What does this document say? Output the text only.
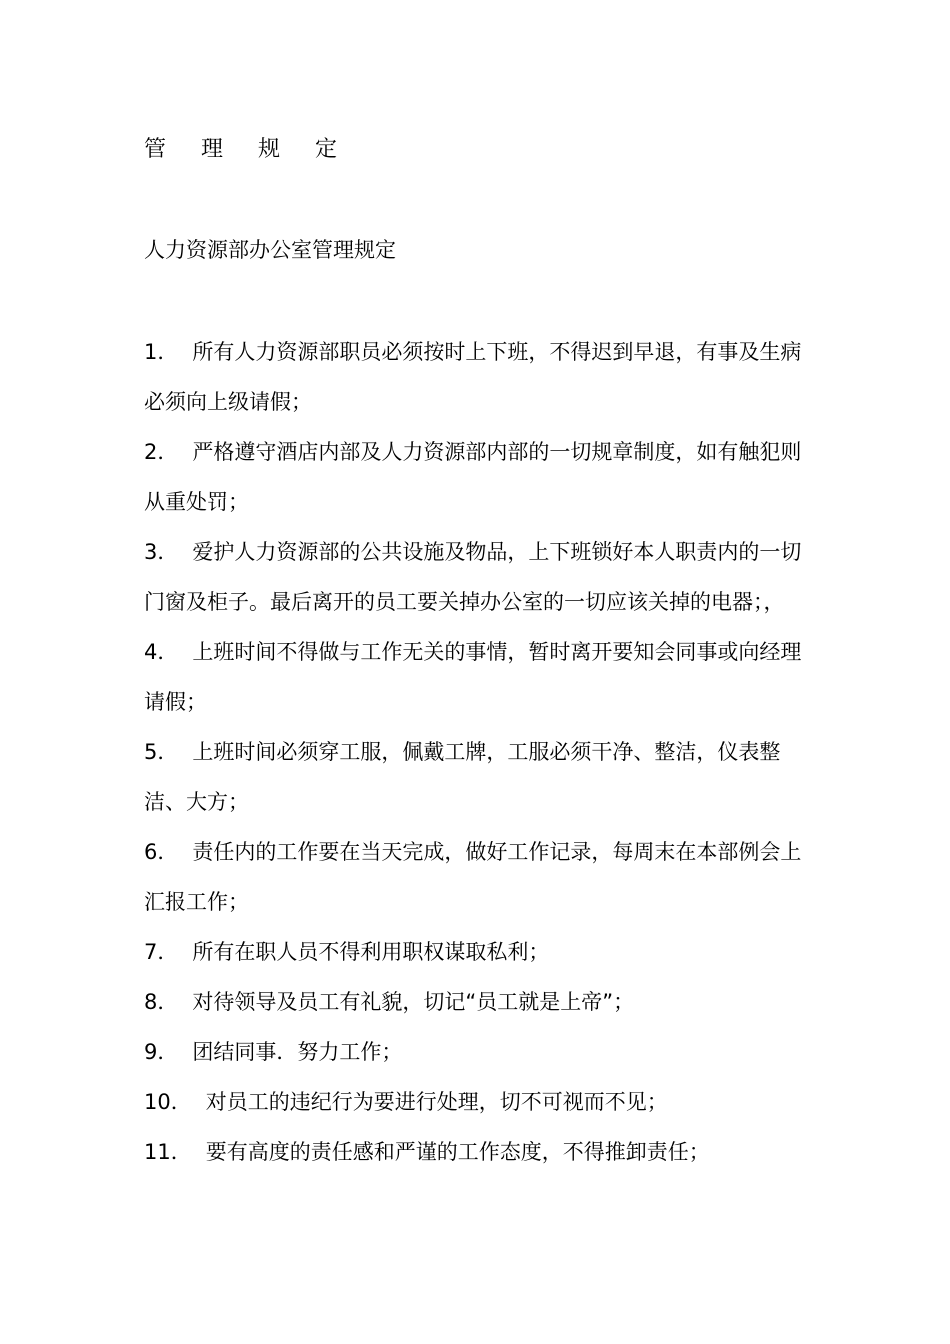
管 理 规 定
人力资源部办公室管理规定
1． 所有人力资源部职员必须按时上下班，不得迟到早退，有事及生病必须向上级请假；
2． 严格遵守酒店内部及人力资源部内部的一切规章制度，如有触犯则从重处罚；
3． 爱护人力资源部的公共设施及物品，上下班锁好本人职责内的一切门窗及柜子。最后离开的员工要关掉办公室的一切应该关掉的电器；，
4． 上班时间不得做与工作无关的事情，暂时离开要知会同事或向经理请假；
5． 上班时间必须穿工服，佩戴工牌，工服必须干净、整洁，仪表整洁、大方；
6． 责任内的工作要在当天完成，做好工作记录，每周末在本部例会上汇报工作；
7． 所有在职人员不得利用职权谋取私利；
8． 对待领导及员工有礼貌，切记“员工就是上帝”；
9． 团结同事．努力工作；
10． 对员工的违纪行为要进行处理，切不可视而不见；
11． 要有高度的责任感和严谨的工作态度，不得推卸责任；
